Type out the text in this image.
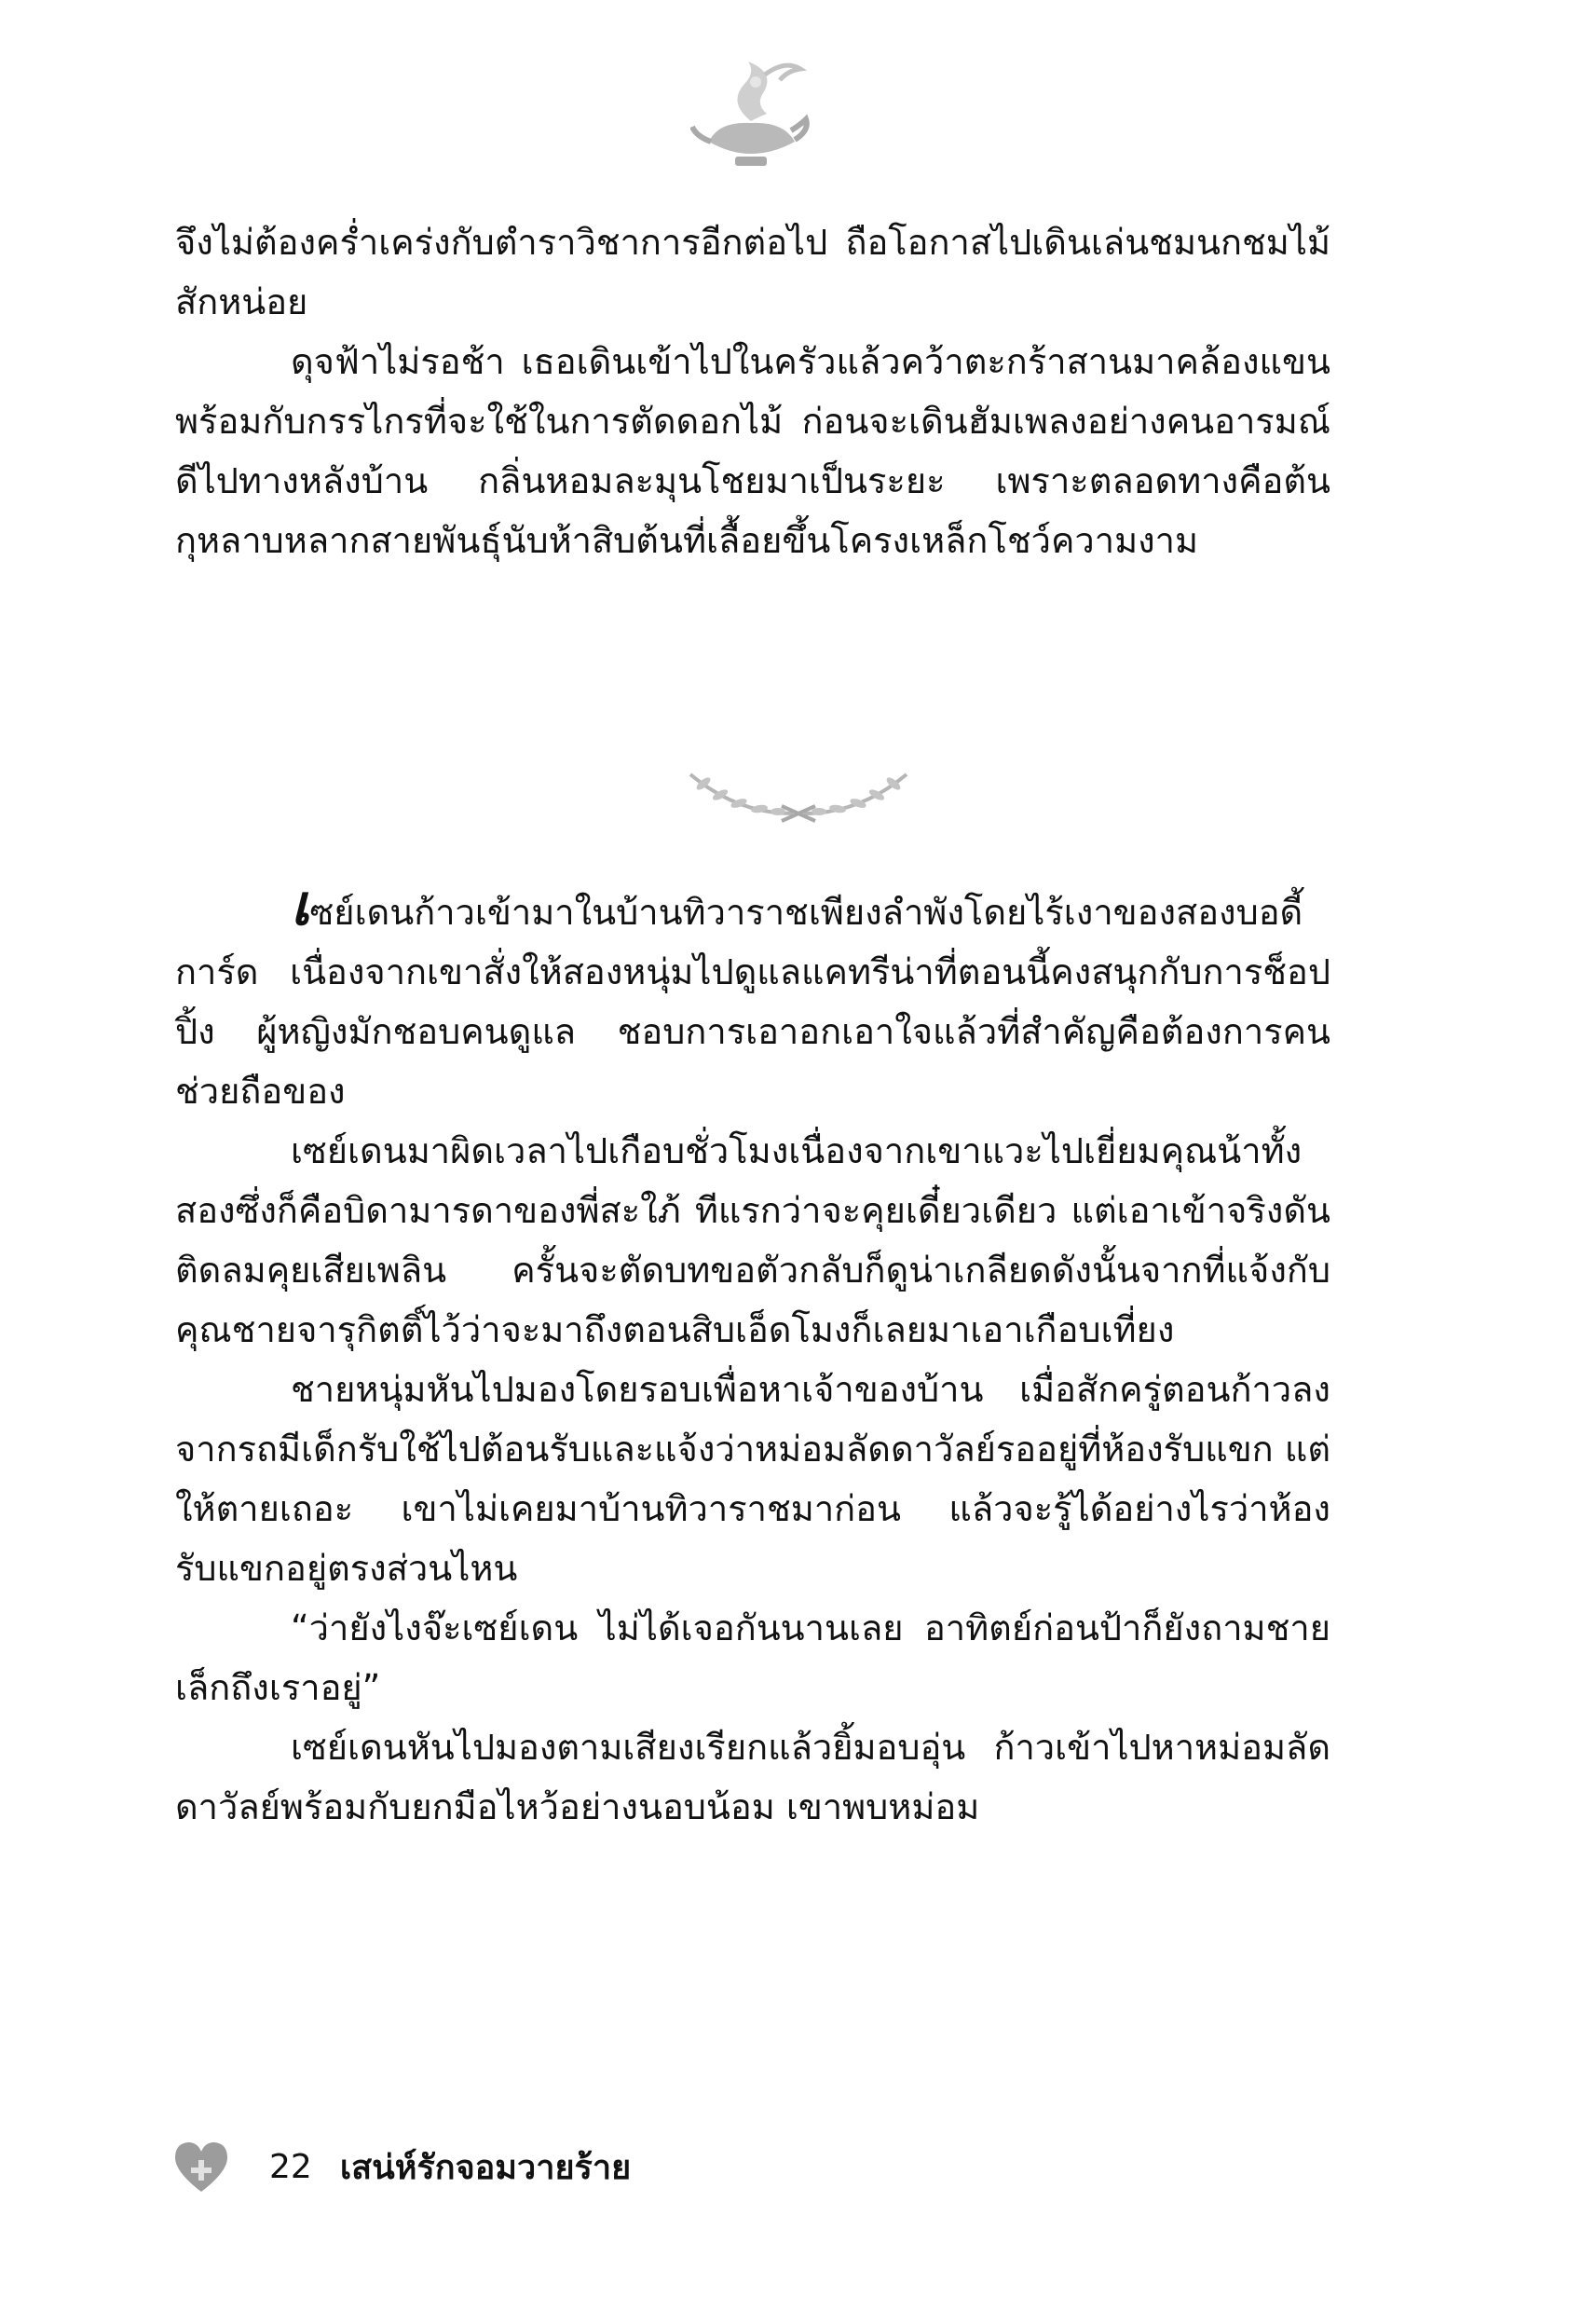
จึงไม่ต้องคร่ำเคร่งกับตำราวิชาการอีกต่อไป ถือโอกาสไปเดินเล่นชมนกชมไม้สักหน่อย

ดุจฟ้าไม่รอช้า เธอเดินเข้าไปในครัวแล้วคว้าตะกร้าสานมาคล้องแขนพร้อมกับกรรไกรที่จะใช้ในการตัดดอกไม้ ก่อนจะเดินฮัมเพลงอย่างคนอารมณ์ดีไปทางหลังบ้าน กลิ่นหอมละมุนโชยมาเป็นระยะ เพราะตลอดทางคือต้นกุหลาบหลากสายพันธุ์นับห้าสิบต้นที่เลื้อยขึ้นโครงเหล็กโชว์ความงาม

เซย์เดนก้าวเข้ามาในบ้านทิวาราชเพียงลำพังโดยไร้เงาของสองบอดี้การ์ด เนื่องจากเขาสั่งให้สองหนุ่มไปดูแลแคทรีน่าที่ตอนนี้คงสนุกกับการช็อปปิ้ง ผู้หญิงมักชอบคนดูแล ชอบการเอาอกเอาใจแล้วที่สำคัญคือต้องการคนช่วยถือของ

เซย์เดนมาผิดเวลาไปเกือบชั่วโมงเนื่องจากเขาแวะไปเยี่ยมคุณน้าทั้งสองซึ่งก็คือบิดามารดาของพี่สะใภ้ ทีแรกว่าจะคุยเดี๋ยวเดียว แต่เอาเข้าจริงดันติดลมคุยเสียเพลิน ครั้นจะตัดบทขอตัวกลับก็ดูน่าเกลียดดังนั้นจากที่แจ้งกับคุณชายจารุกิตติ์ไว้ว่าจะมาถึงตอนสิบเอ็ดโมงก็เลยมาเอาเกือบเที่ยง

ชายหนุ่มหันไปมองโดยรอบเพื่อหาเจ้าของบ้าน เมื่อสักครู่ตอนก้าวลงจากรถมีเด็กรับใช้ไปต้อนรับและแจ้งว่าหม่อมลัดดาวัลย์รออยู่ที่ห้องรับแขก แต่ให้ตายเถอะ เขาไม่เคยมาบ้านทิวาราชมาก่อน แล้วจะรู้ได้อย่างไรว่าห้องรับแขกอยู่ตรงส่วนไหน

“ว่ายังไงจ๊ะเซย์เดน ไม่ได้เจอกันนานเลย อาทิตย์ก่อนป้าก็ยังถามชายเล็กถึงเราอยู่”

เซย์เดนหันไปมองตามเสียงเรียกแล้วยิ้มอบอุ่น ก้าวเข้าไปหาหม่อมลัดดาวัลย์พร้อมกับยกมือไหว้อย่างนอบน้อม เขาพบหม่อม

22 เสน่ห์รักจอมวายร้าย
